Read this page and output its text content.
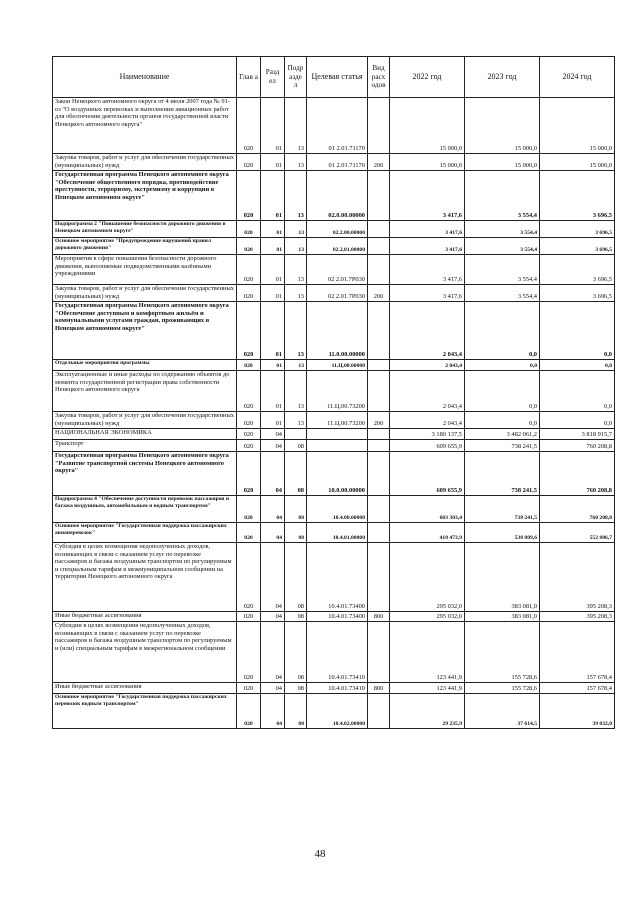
Наименование	Глав а	Разд ел	Подр азде л	Целевая статья	Вид расх одов	2022 год	2023 год	2024 год
Закон Ненецкого автономного округа от 4 июля 2007 года № 91-оз "О воздушных перевозках и выполнении авиационных работ для обеспечения деятельности органов государственной власти Ненецкого автономного округа"	020	01	13	01 2.01.71170		15 000,0	15 000,0	15 000,0
Закупка товаров, работ и услуг для обеспечения государственных (муниципальных) нужд	020	01	13	01 2.01.71170	200	15 000,0	15 000,0	15 000,0
Государственная программа Ненецкого автономного округа "Обеспечение общественного порядка, противодействие преступности, терроризму, экстремизму и коррупции в Ненецком автономном округе"	020	01	13	02.0.00.00000		3 417,6	3 554,4	3 696,5
Подпрограмма 2 "Повышение безопасности дорожного движения в Ненецком автономном округе"	020	01	13	02.2.00.00000		3 417,6	3 554,4	3 696,5
Основное мероприятие "Предупреждение нарушений правил дорожного движения"	020	01	13	02.2.01.00000		3 417,6	3 554,4	3 696,5
Мероприятия в сфере повышения безопасности дорожного движения, выполняемые подведомственными казёнными учреждениями	020	01	13	02 2.01.7Р030		3 417,6	3 554,4	3 696,5
Закупка товаров, работ и услуг для обеспечения государственных (муниципальных) нужд	020	01	13	02 2.01.7Р030	200	3 417,6	3 554,4	3 696,5
Государственная программа Ненецкого автономного округа "Обеспечение доступным и комфортным жильём и коммунальными услугами граждан, проживающих в Ненецком автономном округе"	020	01	13	11.0.00.00000		2 043,4	0,0	0,0
Отдельные мероприятия программы	020	01	13	11.Ц.00.00000		2 043,4	0,0	0,0
Эксплуатационные и иные расходы по содержанию объектов до момента государственной регистрации права собственности Ненецкого автономного округа	020	01	13	11.Ц.00.73200		2 043,4	0,0	0,0
Закупка товаров, работ и услуг для обеспечения государственных (муниципальных) нужд	020	01	13	11.Ц.00.73200	200	2 043,4	0,0	0,0
НАЦИОНАЛЬНАЯ ЭКОНОМИКА	020	04				3 180 137,5	3 482 061,2	3 818 915,7
Транспорт	020	04	08			609 655,9	738 241,5	760 208,8
Государственная программа Ненецкого автономного округа "Развитие транспортной системы Ненецкого автономного округа"	020	04	08	10.0.00.00000		609 655,9	738 241,5	760 208,8
Подпрограмма 4 "Обеспечение доступности перевозок пассажиров и багажа воздушным, автомобильным и водным транспортом"	020	04	08	10.4.00.00000		603 303,4	738 241,5	760 208,8
Основное мероприятие "Государственная поддержка пассажирских авиаперевозок"	020	04	08	10.4.01.00000		418 473,9	538 809,6	552 886,7
Субсидия в целях возмещения недополученных доходов, возникающих в связи с оказанием услуг по перевозке пассажиров и багажа воздушным транспортом по регулируемым и специальным тарифам в межмуниципальном сообщении на территории Ненецкого автономного округа	020	04	08	10.4.01.73400		295 032,0	383 081,0	395 208,3
Иные бюджетные ассигнования	020	04	08	10.4.01.73400	800	295 032,0	383 081,0	395 208,3
Субсидии в целях возмещения недополученных доходов, возникающих в связи с оказанием услуг по перевозке пассажиров и багажа воздушным транспортом по регулируемым и (или) специальным тарифам в межрегиональном сообщении	020	04	08	10.4.01.73410		123 441,9	155 728,6	157 678,4
Иные бюджетные ассигнования	020	04	08	10.4.01.73410	800	123 441,9	155 728,6	157 678,4
Основное мероприятие "Государственная поддержка пассажирских перевозок водным транспортом"	020	04	08	10.4.02.00000		29 235,9	37 614,5	39 032,0
48
